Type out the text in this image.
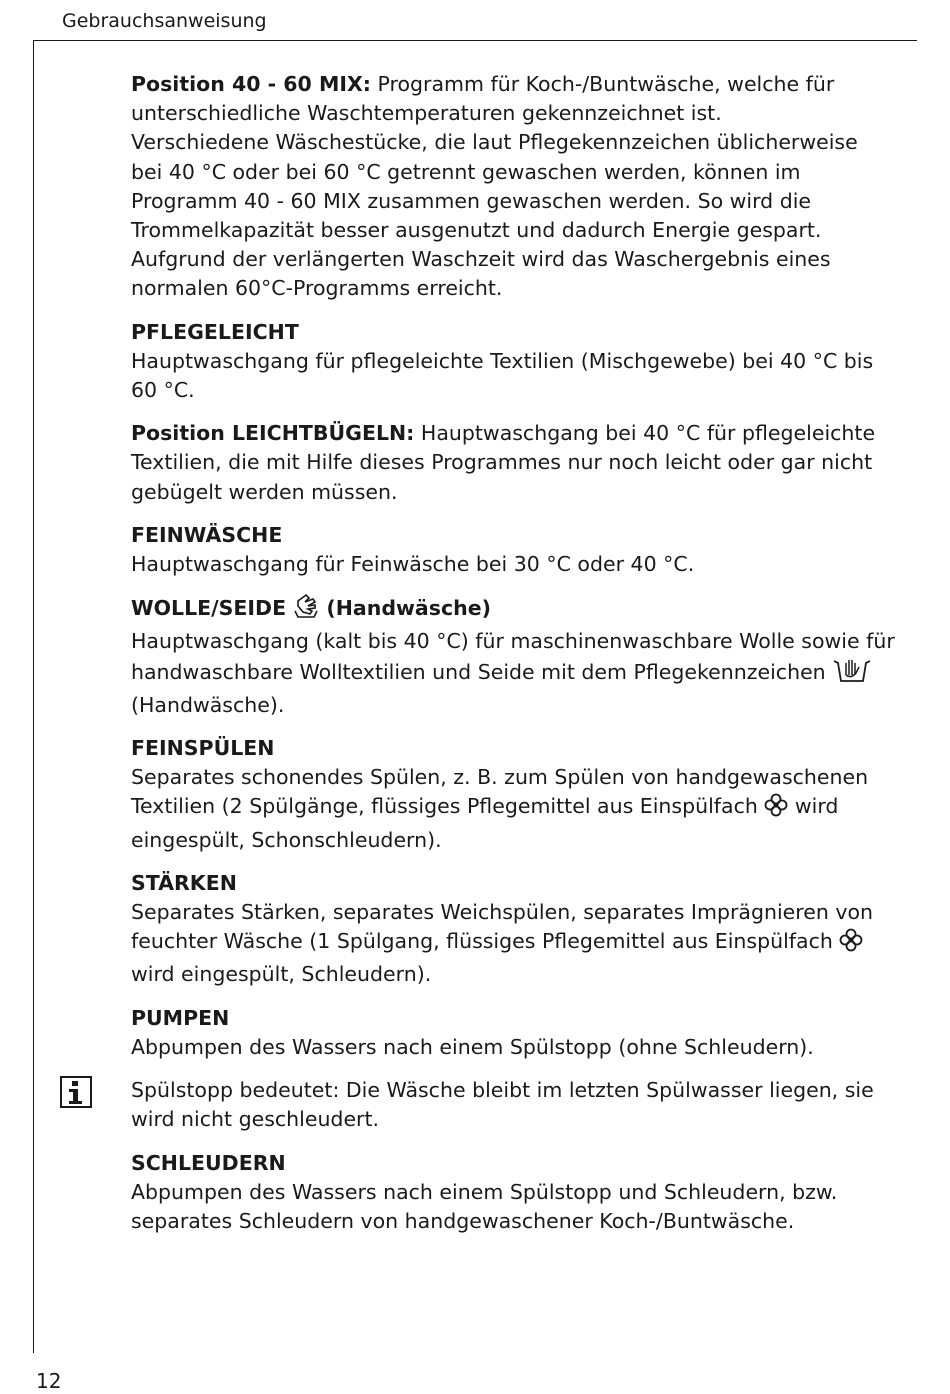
Gebrauchsanweisung

Position 40 - 60 MIX: Programm für Koch-/Buntwäsche, welche für unterschiedliche Waschtemperaturen gekennzeichnet ist.

Verschiedene Wäschestücke, die laut Pflegekennzeichen üblicherweise bei 40 °C oder bei 60 °C getrennt gewaschen werden, können im Programm 40 - 60 MIX zusammen gewaschen werden. So wird die Trommelkapazität besser ausgenutzt und dadurch Energie gespart.

Aufgrund der verlängerten Waschzeit wird das Waschergebnis eines normalen 60°C-Programms erreicht.

PFLEGELEICHT

Hauptwaschgang für pflegeleichte Textilien (Mischgewebe) bei 40 °C bis 60 °C.

Position LEICHTBÜGELN: Hauptwaschgang bei 40 °C für pflegeleichte Textilien, die mit Hilfe dieses Programmes nur noch leicht oder gar nicht gebügelt werden müssen.

FEINWÄSCHE

Hauptwaschgang für Feinwäsche bei 30 °C oder 40 °C.

WOLLE/SEIDE (Handwäsche)

Hauptwaschgang (kalt bis 40 °C) für maschinenwaschbare Wolle sowie für handwaschbare Wolltextilien und Seide mit dem Pflegekennzeichen  (Handwäsche).

FEINSPÜLEN

Separates schonendes Spülen, z. B. zum Spülen von handgewaschenen Textilien (2 Spülgänge, flüssiges Pflegemittel aus Einspülfach  wird eingespült, Schonschleudern).

STÄRKEN

Separates Stärken, separates Weichspülen, separates Imprägnieren von feuchter Wäsche (1 Spülgang, flüssiges Pflegemittel aus Einspülfach  wird eingespült, Schleudern).

PUMPEN

Abpumpen des Wassers nach einem Spülstopp (ohne Schleudern).

Spülstopp bedeutet: Die Wäsche bleibt im letzten Spülwasser liegen, sie wird nicht geschleudert.

SCHLEUDERN

Abpumpen des Wassers nach einem Spülstopp und Schleudern, bzw. separates Schleudern von handgewaschener Koch-/Buntwäsche.

12
